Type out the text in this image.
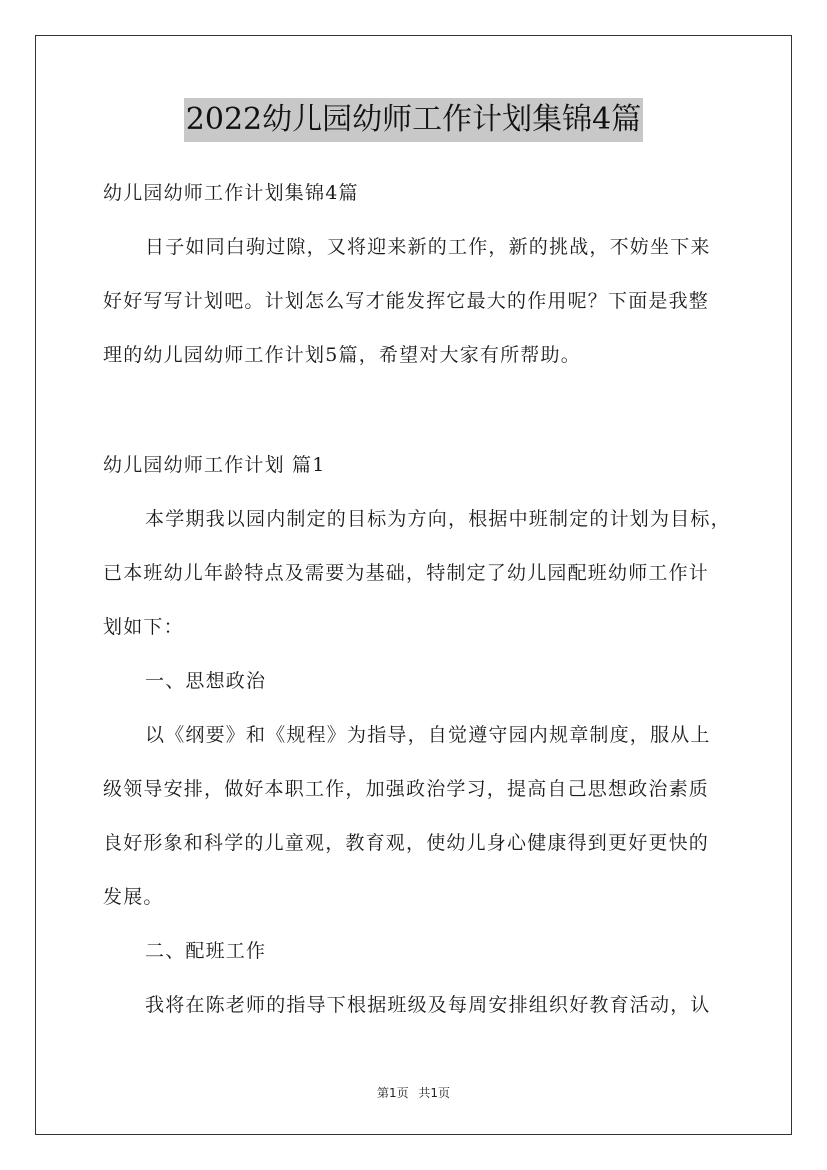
2022幼儿园幼师工作计划集锦4篇
幼儿园幼师工作计划集锦4篇
日子如同白驹过隙，又将迎来新的工作，新的挑战，不妨坐下来
好好写写计划吧。计划怎么写才能发挥它最大的作用呢？下面是我整
理的幼儿园幼师工作计划5篇，希望对大家有所帮助。
幼儿园幼师工作计划 篇1
本学期我以园内制定的目标为方向，根据中班制定的计划为目标，
已本班幼儿年龄特点及需要为基础，特制定了幼儿园配班幼师工作计
划如下：
一、思想政治
以《纲要》和《规程》为指导，自觉遵守园内规章制度，服从上
级领导安排，做好本职工作，加强政治学习，提高自己思想政治素质
良好形象和科学的儿童观，教育观，使幼儿身心健康得到更好更快的
发展。
二、配班工作
我将在陈老师的指导下根据班级及每周安排组织好教育活动，认
第1页 共1页
